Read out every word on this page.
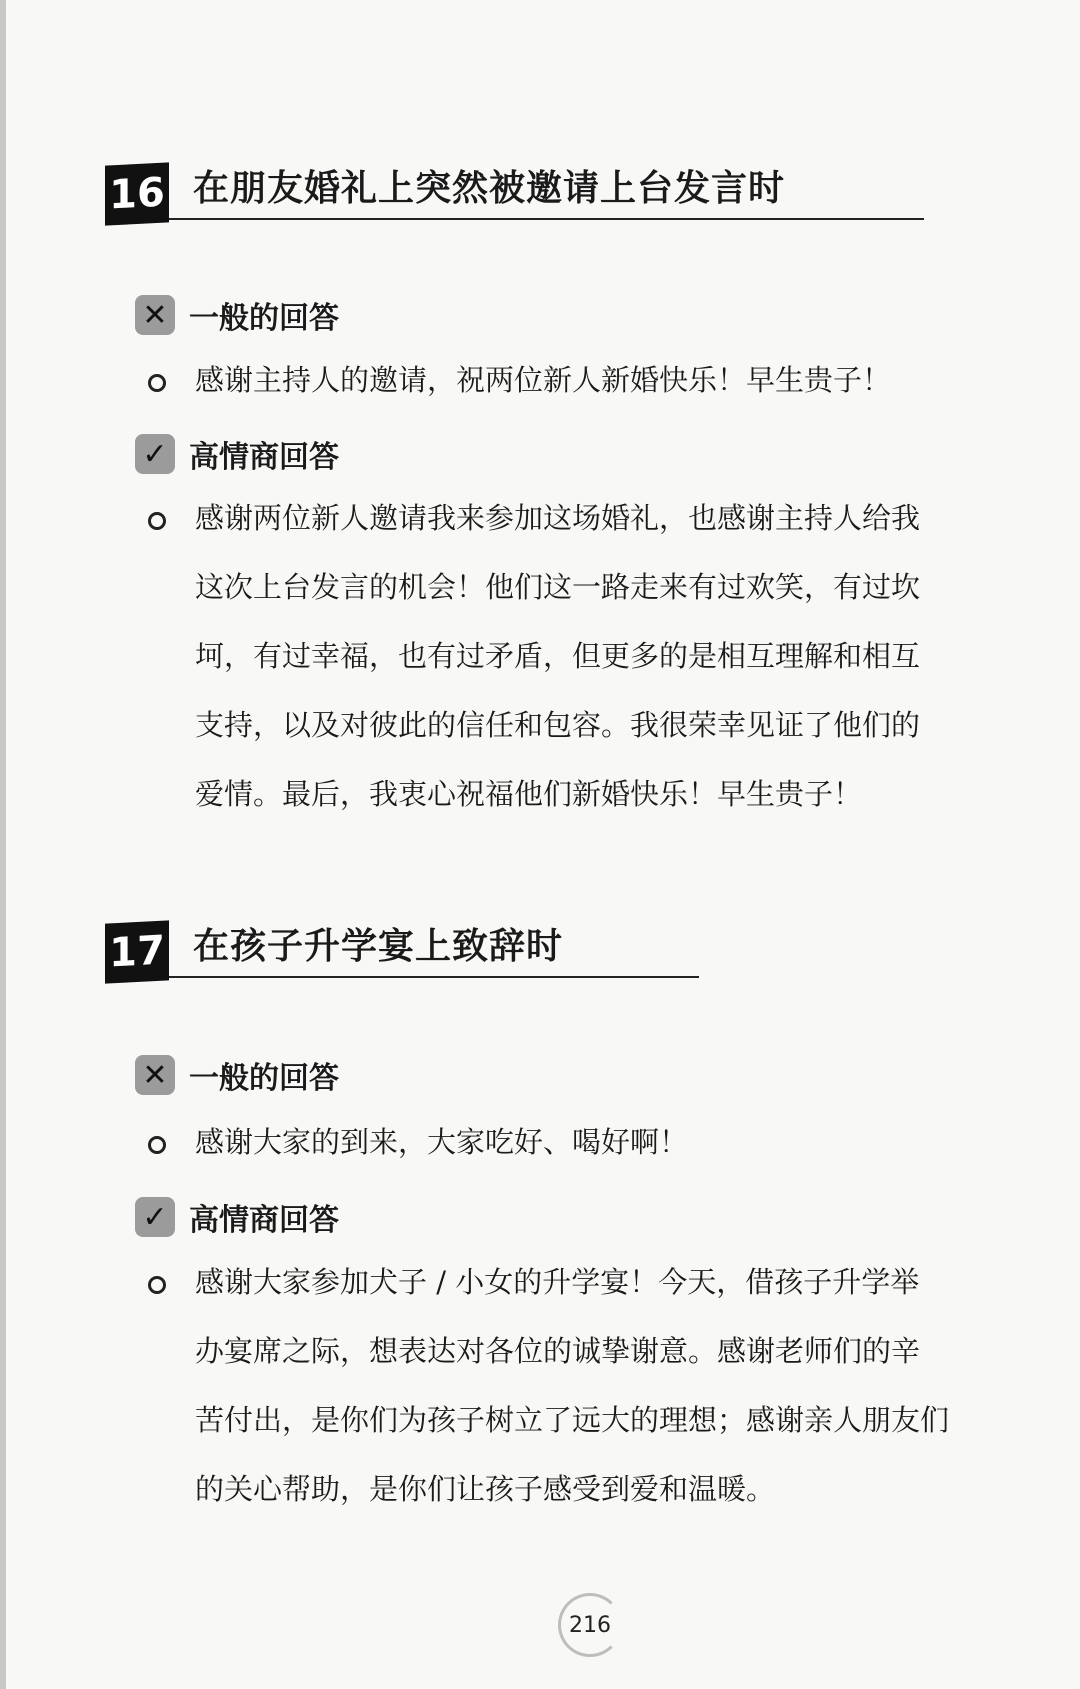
16 在朋友婚礼上突然被邀请上台发言时
✕ 一般的回答
感谢主持人的邀请，祝两位新人新婚快乐！早生贵子！
✓ 高情商回答
感谢两位新人邀请我来参加这场婚礼，也感谢主持人给我
这次上台发言的机会！他们这一路走来有过欢笑，有过坎
坷，有过幸福，也有过矛盾，但更多的是相互理解和相互
支持，以及对彼此的信任和包容。我很荣幸见证了他们的
爱情。最后，我衷心祝福他们新婚快乐！早生贵子！
17 在孩子升学宴上致辞时
✕ 一般的回答
感谢大家的到来，大家吃好、喝好啊！
✓ 高情商回答
感谢大家参加犬子 / 小女的升学宴！今天，借孩子升学举
办宴席之际，想表达对各位的诚挚谢意。感谢老师们的辛
苦付出，是你们为孩子树立了远大的理想；感谢亲人朋友们
的关心帮助，是你们让孩子感受到爱和温暖。
216
